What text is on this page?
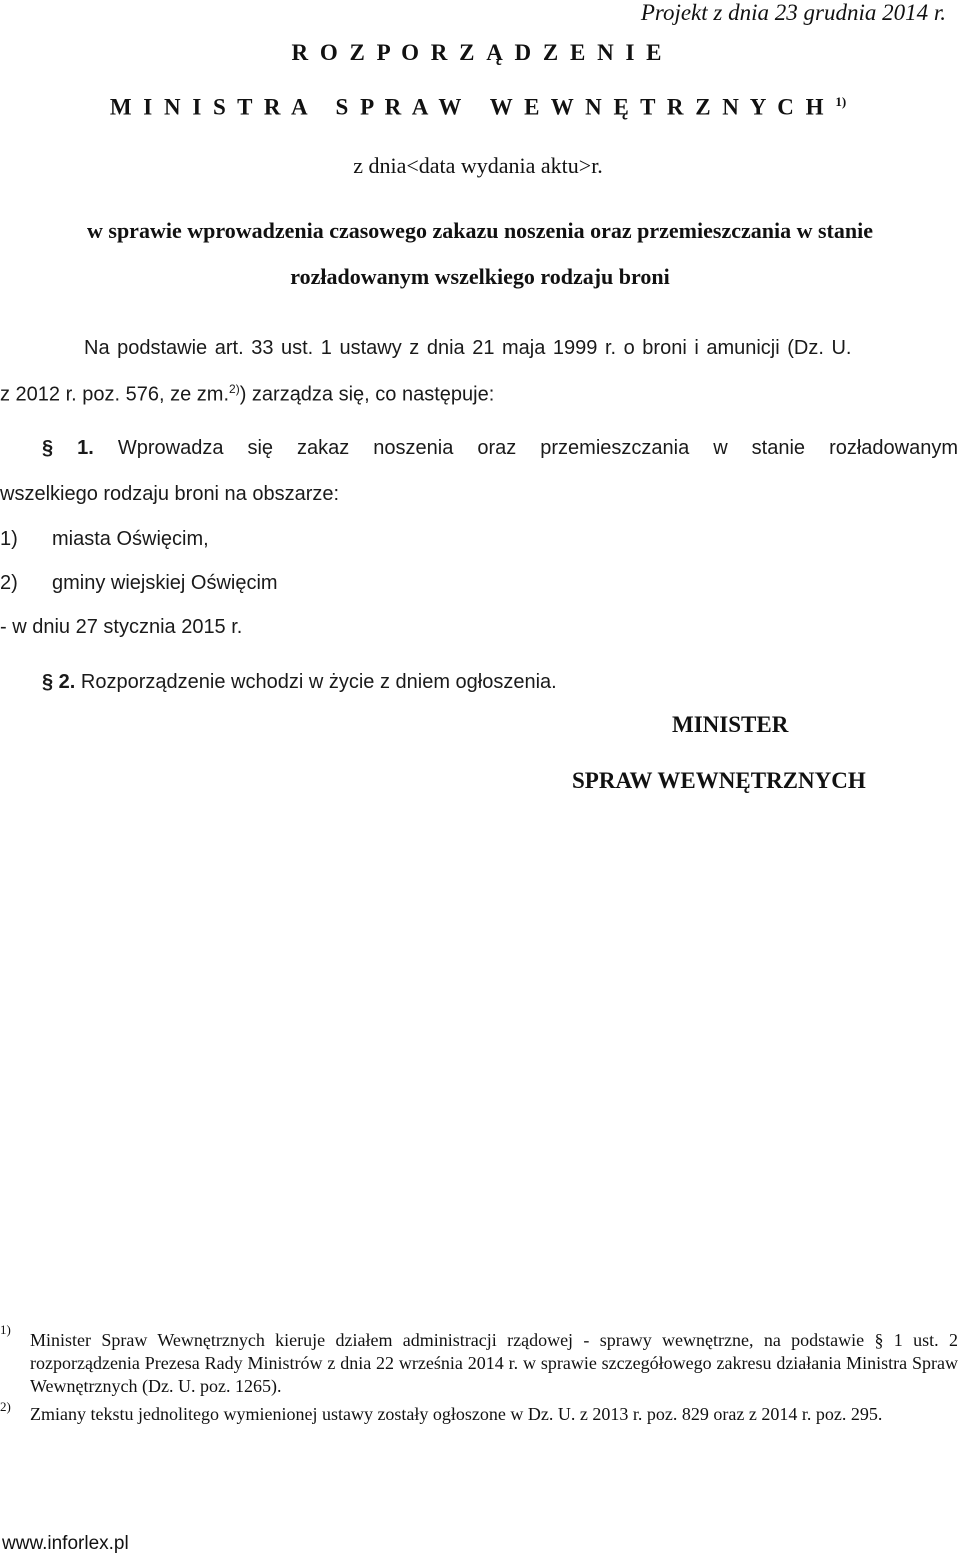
Projekt z dnia 23 grudnia 2014 r.
R O Z P O R Z Ą D Z E N I E
M I N I S T R A   S P R A W   W E W N Ę T R Z N Y C H $^{1)}$
z dnia<data wydania aktu>r.
w sprawie wprowadzenia czasowego zakazu noszenia oraz przemieszczania w stanie
rozładowanym wszelkiego rodzaju broni
Na podstawie art. 33 ust. 1 ustawy z dnia 21 maja 1999 r. o broni i amunicji (Dz. U.
z 2012 r. poz. 576, ze zm.$^{2)}$) zarządza się, co następuje:
§ 1. Wprowadza się zakaz noszenia oraz przemieszczania w stanie rozładowanym
wszelkiego rodzaju broni na obszarze:
1) miasta Oświęcim,
2) gminy wiejskiej Oświęcim
- w dniu 27 stycznia 2015 r.
§ 2. Rozporządzenie wchodzi w życie z dniem ogłoszenia.
MINISTER
SPRAW WEWNĘTRZNYCH
1)
Minister Spraw Wewnętrznych kieruje działem administracji rządowej - sprawy wewnętrzne, na podstawie § 1 ust. 2 rozporządzenia Prezesa Rady Ministrów z dnia 22 września 2014 r. w sprawie szczegółowego zakresu działania Ministra Spraw Wewnętrznych (Dz. U. poz. 1265).
2) Zmiany tekstu jednolitego wymienionej ustawy zostały ogłoszone w Dz. U. z 2013 r. poz. 829 oraz z 2014 r. poz. 295.
www.inforlex.pl
